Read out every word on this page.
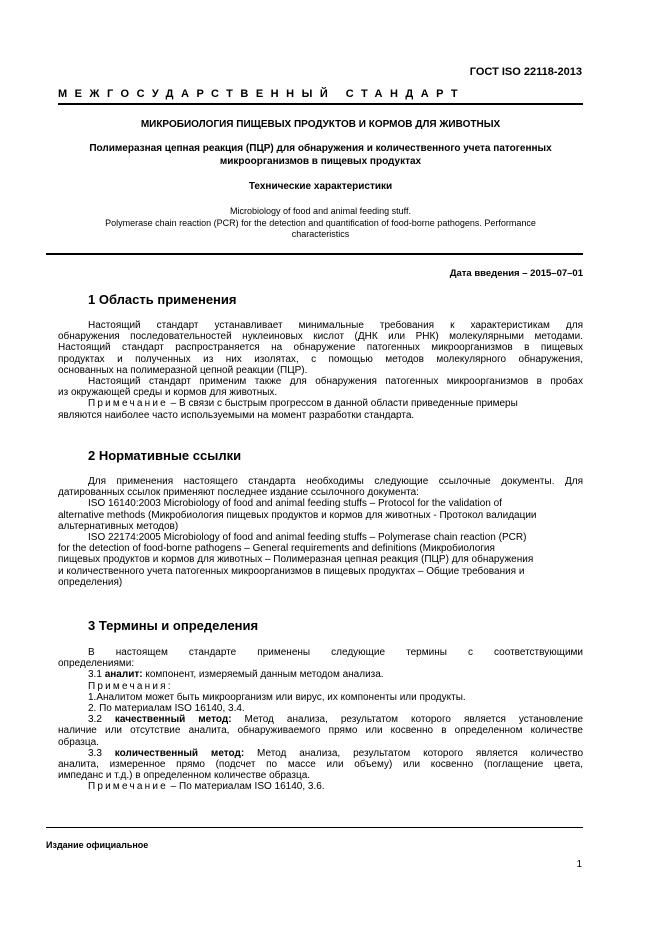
ГОСТ ISO 22118-2013
МЕЖГОСУДАРСТВЕННЫЙ СТАНДАРТ
МИКРОБИОЛОГИЯ ПИЩЕВЫХ ПРОДУКТОВ И КОРМОВ ДЛЯ ЖИВОТНЫХ
Полимеразная цепная реакция (ПЦР) для обнаружения и количественного учета патогенных
микроорганизмов в пищевых продуктах
Технические характеристики
Microbiology of food and animal feeding stuff.
Polymerase chain reaction (PCR) for the detection and quantification of food-borne pathogens. Performance
characteristics
Дата введения – 2015–07–01
1 Область применения

Настоящий стандарт устанавливает минимальные требования к характеристикам для

обнаружения последовательностей нуклеиновых кислот (ДНК или РНК) молекулярными методами.

Настоящий стандарт распространяется на обнаружение патогенных микроорганизмов в пищевых

продуктах и полученных из них изолятах, с помощью методов молекулярного обнаружения,

основанных на полимеразной цепной реакции (ПЦР).

Настоящий стандарт применим также для обнаружения патогенных микроорганизмов в пробах

из окружающей среды и кормов для животных.

Примечание – В связи с быстрым прогрессом в данной области приведенные примеры

являются наиболее часто используемыми на момент разработки стандарта.

2 Нормативные ссылки

Для применения настоящего стандарта необходимы следующие ссылочные документы. Для

датированных ссылок применяют последнее издание ссылочного документа:

ISO 16140:2003 Microbiology of food and animal feeding stuffs – Protocol for the validation of

alternative methods (Микробиология пищевых продуктов и кормов для животных - Протокол валидации

альтернативных методов)

ISO 22174:2005 Microbiology of food and animal feeding stuffs – Polymerase chain reaction (PCR)

for the detection of food-borne pathogens – General requirements and definitions (Микробиология

пищевых продуктов и кормов для животных – Полимеразная цепная реакция (ПЦР) для обнаружения

и количественного учета патогенных микроорганизмов в пищевых продуктах – Общие требования и

определения)

3 Термины и определения

В настоящем стандарте применены следующие термины с соответствующими

определениями:

3.1 аналит: компонент, измеряемый данным методом анализа.

Примечания:

1.Аналитом может быть микроорганизм или вирус, их компоненты или продукты.

2. По материалам ISO 16140, 3.4.

3.2 качественный метод: Метод анализа, результатом которого является установление

наличие или отсутствие аналита, обнаруживаемого прямо или косвенно в определенном количестве

образца.

3.3 количественный метод: Метод анализа, результатом которого является количество

аналита, измеренное прямо (подсчет по массе или объему) или косвенно (поглащение цвета,

импеданс и т.д.) в определенном количестве образца.

Примечание – По материалам ISO 16140, 3.6.

Издание официальное
1
